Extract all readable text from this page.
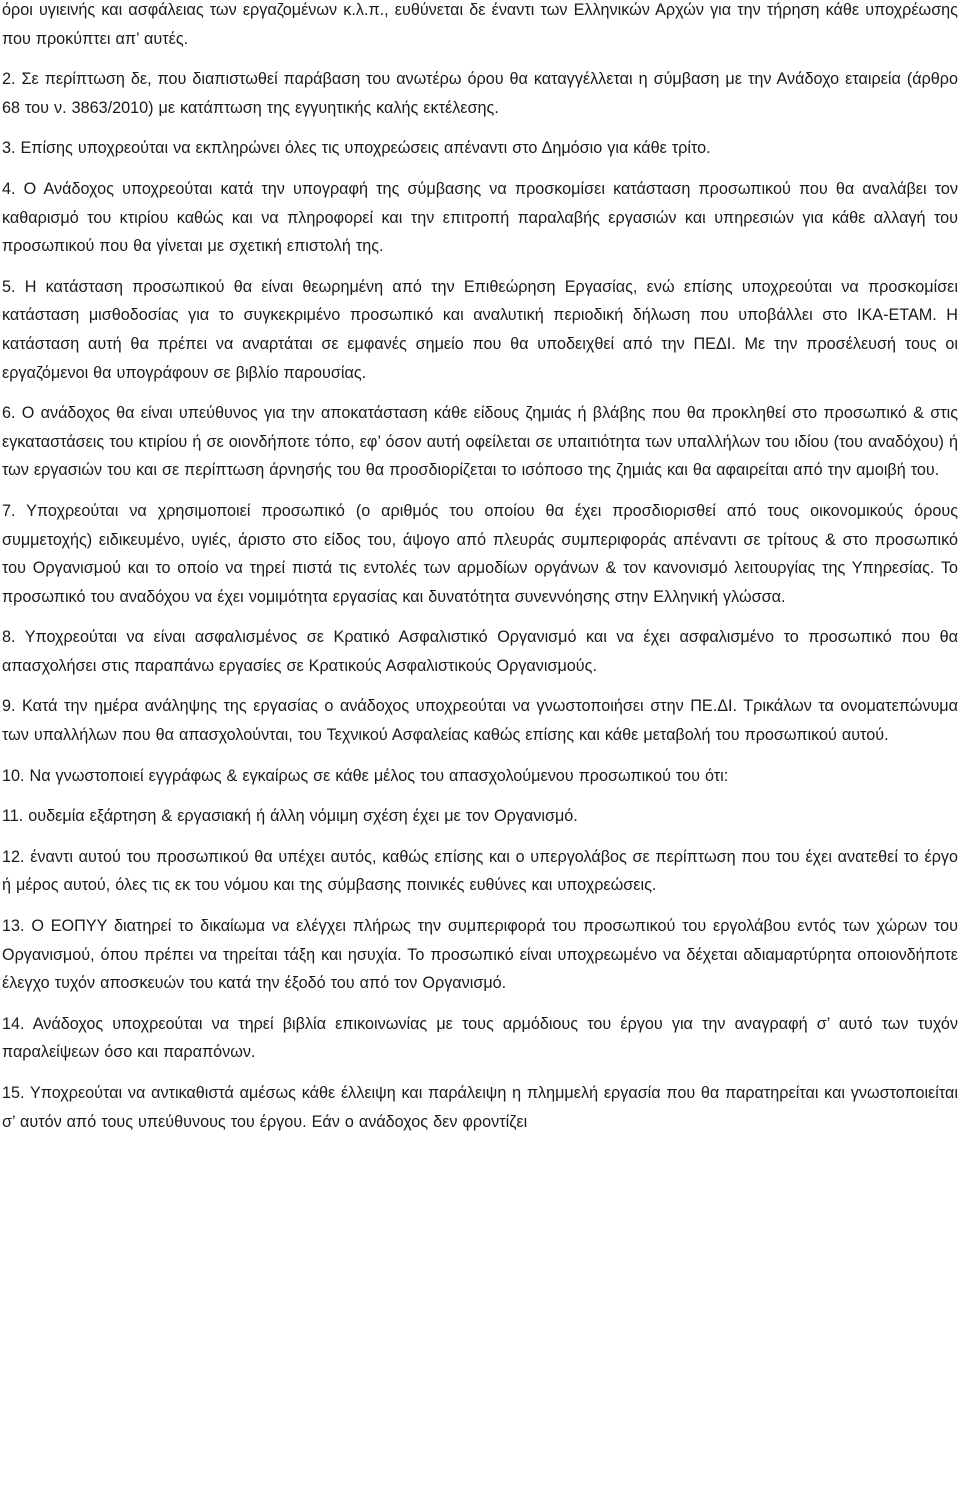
όροι υγιεινής και ασφάλειας των εργαζομένων κ.λ.π., ευθύνεται δε έναντι των Ελληνικών Αρχών για την τήρηση κάθε υποχρέωσης που προκύπτει απ’ αυτές.

2. Σε περίπτωση δε, που διαπιστωθεί παράβαση του ανωτέρω όρου θα καταγγέλλεται η σύμβαση με την Ανάδοχο εταιρεία (άρθρο 68 του ν. 3863/2010) με κατάπτωση της εγγυητικής καλής εκτέλεσης.

3. Επίσης υποχρεούται να εκπληρώνει όλες τις υποχρεώσεις απέναντι στο Δημόσιο για κάθε τρίτο.

4. Ο Ανάδοχος υποχρεούται κατά την υπογραφή της σύμβασης να προσκομίσει κατάσταση προσωπικού που θα αναλάβει τον καθαρισμό του κτιρίου καθώς και να πληροφορεί και την επιτροπή παραλαβής εργασιών και υπηρεσιών για κάθε αλλαγή του προσωπικού που θα γίνεται με σχετική επιστολή της.

5. Η κατάσταση προσωπικού θα είναι θεωρημένη από την Επιθεώρηση Εργασίας, ενώ επίσης υποχρεούται να προσκομίσει κατάσταση μισθοδοσίας για το συγκεκριμένο προσωπικό και αναλυτική περιοδική δήλωση που υποβάλλει στο ΙΚΑ-ΕΤΑΜ. Η κατάσταση αυτή θα πρέπει να αναρτάται σε εμφανές σημείο που θα υποδειχθεί από την ΠΕΔΙ. Με την προσέλευσή τους οι εργαζόμενοι θα υπογράφουν σε βιβλίο παρουσίας.

6. Ο ανάδοχος θα είναι υπεύθυνος για την αποκατάσταση κάθε είδους ζημιάς ή βλάβης που θα προκληθεί στο προσωπικό & στις εγκαταστάσεις του κτιρίου ή σε οιονδήποτε τόπο, εφ’ όσον αυτή οφείλεται σε υπαιτιότητα των υπαλλήλων του ιδίου (του αναδόχου) ή των εργασιών του και σε περίπτωση άρνησής του θα προσδιορίζεται το ισόποσο της ζημιάς και θα αφαιρείται από την αμοιβή του.

7. Υποχρεούται να χρησιμοποιεί προσωπικό (ο αριθμός του οποίου θα έχει προσδιορισθεί από τους οικονομικούς όρους συμμετοχής) ειδικευμένο, υγιές, άριστο στο είδος του, άψογο από πλευράς συμπεριφοράς απέναντι σε τρίτους & στο προσωπικό του Οργανισμού και το οποίο να τηρεί πιστά τις εντολές των αρμοδίων οργάνων & τον κανονισμό λειτουργίας της Υπηρεσίας. Το προσωπικό του αναδόχου να έχει νομιμότητα εργασίας και δυνατότητα συνεννόησης στην Ελληνική γλώσσα.

8. Υποχρεούται να είναι ασφαλισμένος σε Κρατικό Ασφαλιστικό Οργανισμό και να έχει ασφαλισμένο το προσωπικό που θα απασχολήσει στις παραπάνω εργασίες σε Κρατικούς Ασφαλιστικούς Οργανισμούς.

9. Κατά την ημέρα ανάληψης της εργασίας ο ανάδοχος υποχρεούται να γνωστοποιήσει στην ΠΕ.ΔΙ. Τρικάλων τα ονοματεπώνυμα των υπαλλήλων που θα απασχολούνται, του Τεχνικού Ασφαλείας καθώς επίσης και κάθε μεταβολή του προσωπικού αυτού.

10. Να γνωστοποιεί εγγράφως & εγκαίρως σε κάθε μέλος του απασχολούμενου προσωπικού του ότι:

11. ουδεμία εξάρτηση & εργασιακή ή άλλη νόμιμη σχέση έχει με τον Οργανισμό.

12. έναντι αυτού του προσωπικού θα υπέχει αυτός, καθώς επίσης και ο υπεργολάβος σε περίπτωση που του έχει ανατεθεί το έργο ή μέρος αυτού, όλες τις εκ του νόμου και της σύμβασης ποινικές ευθύνες και υποχρεώσεις.

13. Ο ΕΟΠΥΥ διατηρεί το δικαίωμα να ελέγχει πλήρως την συμπεριφορά του προσωπικού του εργολάβου εντός των χώρων του Οργανισμού, όπου πρέπει να τηρείται τάξη και ησυχία. Το προσωπικό είναι υποχρεωμένο να δέχεται αδιαμαρτύρητα οποιονδήποτε έλεγχο τυχόν αποσκευών του κατά την έξοδό του από τον Οργανισμό.

14. Ανάδοχος υποχρεούται να τηρεί βιβλία επικοινωνίας με τους αρμόδιους του έργου για την αναγραφή σ’ αυτό των τυχόν παραλείψεων όσο και παραπόνων.

15. Υποχρεούται να αντικαθιστά αμέσως κάθε έλλειψη και παράλειψη η πλημμελή εργασία που θα παρατηρείται και γνωστοποιείται σ’ αυτόν από τους υπεύθυνους του έργου. Εάν ο ανάδοχος δεν φροντίζει
